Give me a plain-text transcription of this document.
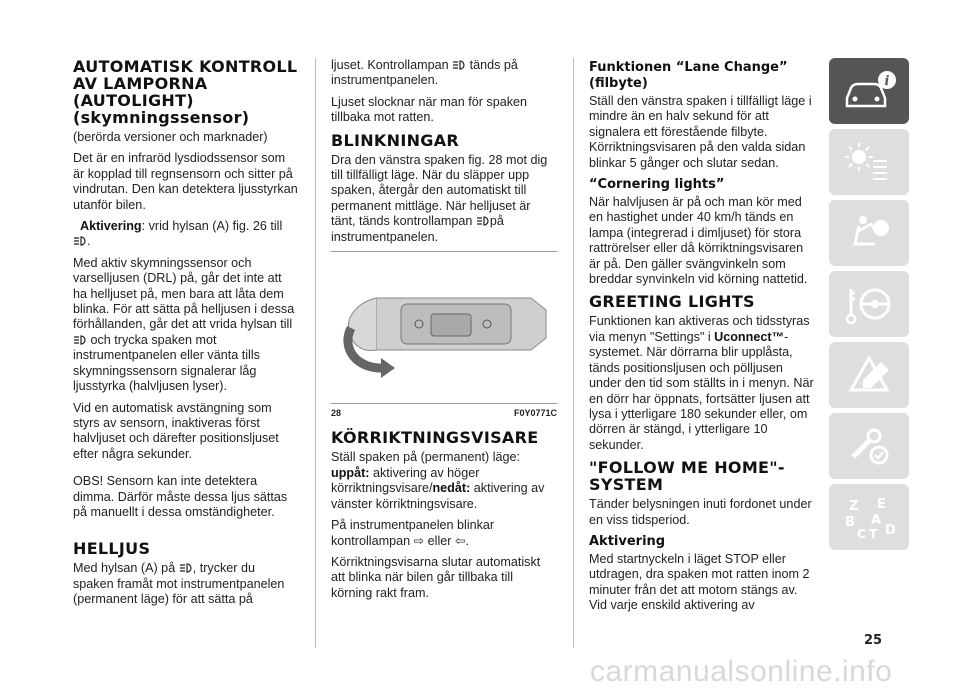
AUTOMATISK KONTROLL AV LAMPORNA (AUTOLIGHT) (skymningssensor)

(berörda versioner och marknader)

Det är en infraröd lysdiodssensor som är kopplad till regnsensorn och sitter på vindrutan. Den kan detektera ljusstyrkan utanför bilen.

Aktivering: vrid hylsan (A) fig. 26 till
.

Med aktiv skymningssensor och varselljusen (DRL) på, går det inte att ha helljuset på, men bara att låta dem blinka. För att sätta på helljusen i dessa förhållanden, går det att vrida hylsan till  och trycka spaken mot instrumentpanelen eller vänta tills skymningssensorn signalerar låg ljusstyrka (halvljusen lyser).

Vid en automatisk avstängning som styrs av sensorn, inaktiveras först halvljuset och därefter positionsljuset efter några sekunder.

OBS! Sensorn kan inte detektera dimma. Därför måste dessa ljus sättas på manuellt i dessa omständigheter.

HELLJUS

Med hylsan (A) på , trycker du spaken framåt mot instrumentpanelen (permanent läge) för att sätta på

ljuset. Kontrollampan tänds på instrumentpanelen.

Ljuset slocknar när man för spaken tillbaka mot ratten.

BLINKNINGAR

Dra den vänstra spaken fig. 28 mot dig till tillfälligt läge. När du släpper upp spaken, återgår den automatiskt till permanent mittläge. När helljuset är tänt, tänds kontrollampan på instrumentpanelen.

28	F0Y0771C
KÖRRIKTNINGSVISARE

Ställ spaken på (permanent) läge: uppåt: aktivering av höger körriktningsvisare/nedåt: aktivering av vänster körriktningsvisare.

På instrumentpanelen blinkar kontrollampan ⇨ eller ⇦.

Körriktningsvisarna slutar automatiskt att blinka när bilen går tillbaka till körning rakt fram.

Funktionen “Lane Change” (filbyte)

Ställ den vänstra spaken i tillfälligt läge i mindre än en halv sekund för att signalera ett förestående filbyte. Körriktningsvisaren på den valda sidan blinkar 5 gånger och slutar sedan.

“Cornering lights”

När halvljusen är på och man kör med en hastighet under 40 km/h tänds en lampa (integrerad i dimljuset) för stora rattrörelser eller då körriktningsvisaren är på. Den gäller svängvinkeln som breddar synvinkeln vid körning nattetid.

GREETING LIGHTS

Funktionen kan aktiveras och tidsstyras via menyn "Settings" i Uconnect™-systemet. När dörrarna blir upplåsta, tänds positionsljusen och pölljusen under den tid som ställts in i menyn. När en dörr har öppnats, fortsätter ljusen att lysa i ytterligare 180 sekunder eller, om dörren är stängd, i ytterligare 10 sekunder.

"FOLLOW ME HOME"-SYSTEM

Tänder belysningen inuti fordonet under en viss tidsperiod.

Aktivering

Med startnyckeln i läget STOP eller utdragen, dra spaken mot ratten inom 2 minuter från det att motorn stängs av. Vid varje enskild aktivering av

i
Z E
B A
C T D
25
carmanualsonline.info
